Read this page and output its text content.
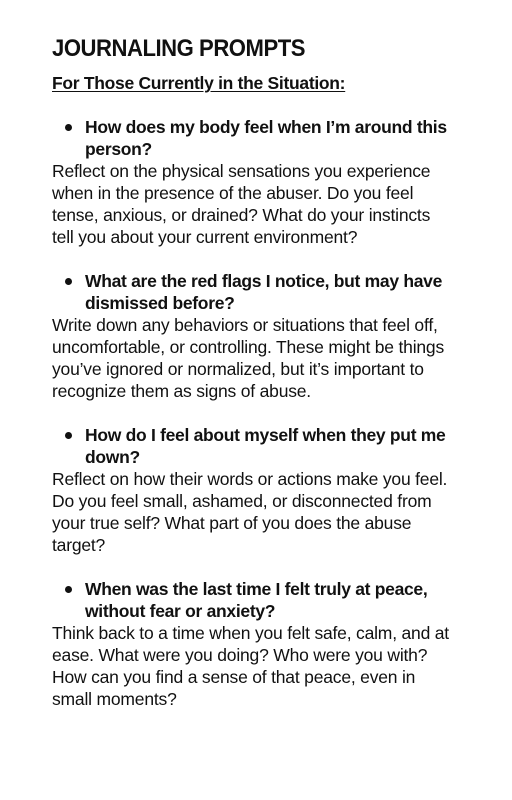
JOURNALING PROMPTS
For Those Currently in the Situation:
How does my body feel when I’m around this person?

Reflect on the physical sensations you experience when in the presence of the abuser. Do you feel tense, anxious, or drained? What do your instincts tell you about your current environment?

What are the red flags I notice, but may have dismissed before?

Write down any behaviors or situations that feel off, uncomfortable, or controlling. These might be things you’ve ignored or normalized, but it’s important to recognize them as signs of abuse.

How do I feel about myself when they put me down?

Reflect on how their words or actions make you feel. Do you feel small, ashamed, or disconnected from your true self? What part of you does the abuse target?

When was the last time I felt truly at peace, without fear or anxiety?

Think back to a time when you felt safe, calm, and at ease. What were you doing? Who were you with? How can you find a sense of that peace, even in small moments?
